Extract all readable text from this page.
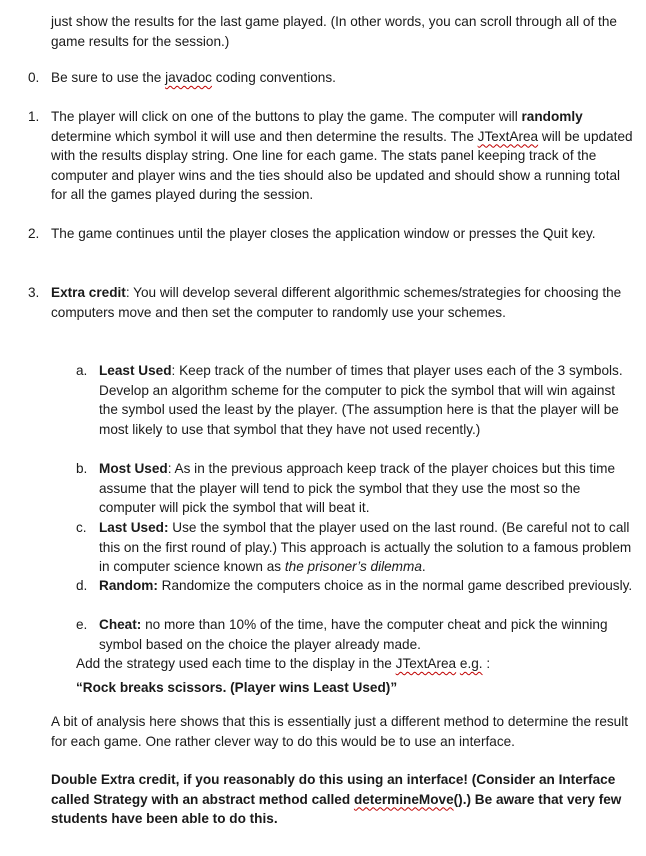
just show the results for the last game played. (In other words, you can scroll through all of the game results for the session.)

0. Be sure to use the javadoc coding conventions.

1. The player will click on one of the buttons to play the game. The computer will randomly determine which symbol it will use and then determine the results. The JTextArea will be updated with the results display string. One line for each game. The stats panel keeping track of the computer and player wins and the ties should also be updated and should show a running total for all the games played during the session.

2. The game continues until the player closes the application window or presses the Quit key.

3. Extra credit: You will develop several different algorithmic schemes/strategies for choosing the computers move and then set the computer to randomly use your schemes.

a. Least Used: Keep track of the number of times that player uses each of the 3 symbols. Develop an algorithm scheme for the computer to pick the symbol that will win against the symbol used the least by the player. (The assumption here is that the player will be most likely to use that symbol that they have not used recently.)

b. Most Used: As in the previous approach keep track of the player choices but this time assume that the player will tend to pick the symbol that they use the most so the computer will pick the symbol that will beat it.

c. Last Used: Use the symbol that the player used on the last round. (Be careful not to call this on the first round of play.) This approach is actually the solution to a famous problem in computer science known as the prisoner’s dilemma.

d. Random: Randomize the computers choice as in the normal game described previously.

e. Cheat: no more than 10% of the time, have the computer cheat and pick the winning symbol based on the choice the player already made.

Add the strategy used each time to the display in the JTextArea e.g. :

“Rock breaks scissors. (Player wins Least Used)”

A bit of analysis here shows that this is essentially just a different method to determine the result for each game. One rather clever way to do this would be to use an interface.

Double Extra credit, if you reasonably do this using an interface! (Consider an Interface called Strategy with an abstract method called determineMove().) Be aware that very few students have been able to do this.
